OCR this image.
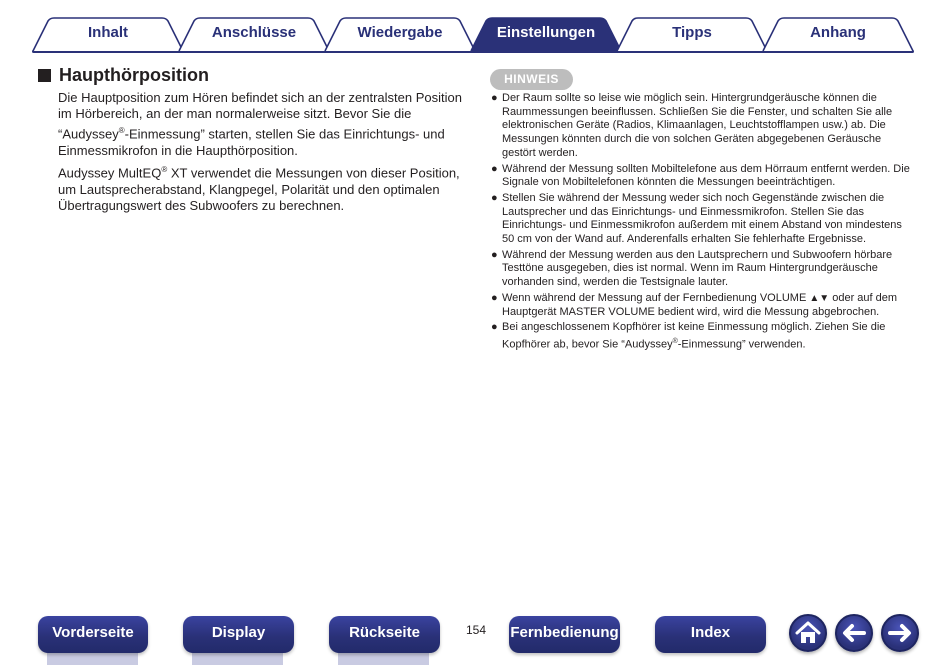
Inhalt	Anschlüsse	Wiedergabe	Einstellungen	Tipps	Anhang
Haupthörposition

Die Hauptposition zum Hören befindet sich an der zentralsten Position im Hörbereich, an der man normalerweise sitzt. Bevor Sie die “Audyssey®-Einmessung” starten, stellen Sie das Einrichtungs- und Einmessmikrofon in die Haupthörposition.

Audyssey MultEQ® XT verwendet die Messungen von dieser Position, um Lautsprecherabstand, Klangpegel, Polarität und den optimalen Übertragungswert des Subwoofers zu berechnen.

HINWEIS
● Der Raum sollte so leise wie möglich sein. Hintergrundgeräusche können die Raummessungen beeinflussen. Schließen Sie die Fenster, und schalten Sie alle elektronischen Geräte (Radios, Klimaanlagen, Leuchtstofflampen usw.) ab. Die Messungen könnten durch die von solchen Geräten abgegebenen Geräusche gestört werden.
● Während der Messung sollten Mobiltelefone aus dem Hörraum entfernt werden. Die Signale von Mobiltelefonen könnten die Messungen beeinträchtigen.
● Stellen Sie während der Messung weder sich noch Gegenstände zwischen die Lautsprecher und das Einrichtungs- und Einmessmikrofon. Stellen Sie das Einrichtungs- und Einmessmikrofon außerdem mit einem Abstand von mindestens 50 cm von der Wand auf. Anderenfalls erhalten Sie fehlerhafte Ergebnisse.
● Während der Messung werden aus den Lautsprechern und Subwoofern hörbare Testtöne ausgegeben, dies ist normal. Wenn im Raum Hintergrundgeräusche vorhanden sind, werden die Testsignale lauter.
● Wenn während der Messung auf der Fernbedienung VOLUME ▲▼ oder auf dem Hauptgerät MASTER VOLUME bedient wird, wird die Messung abgebrochen.
● Bei angeschlossenem Kopfhörer ist keine Einmessung möglich. Ziehen Sie die Kopfhörer ab, bevor Sie “Audyssey®-Einmessung” verwenden.
Vorderseite	Display	Rückseite	154	Fernbedienung	Index
